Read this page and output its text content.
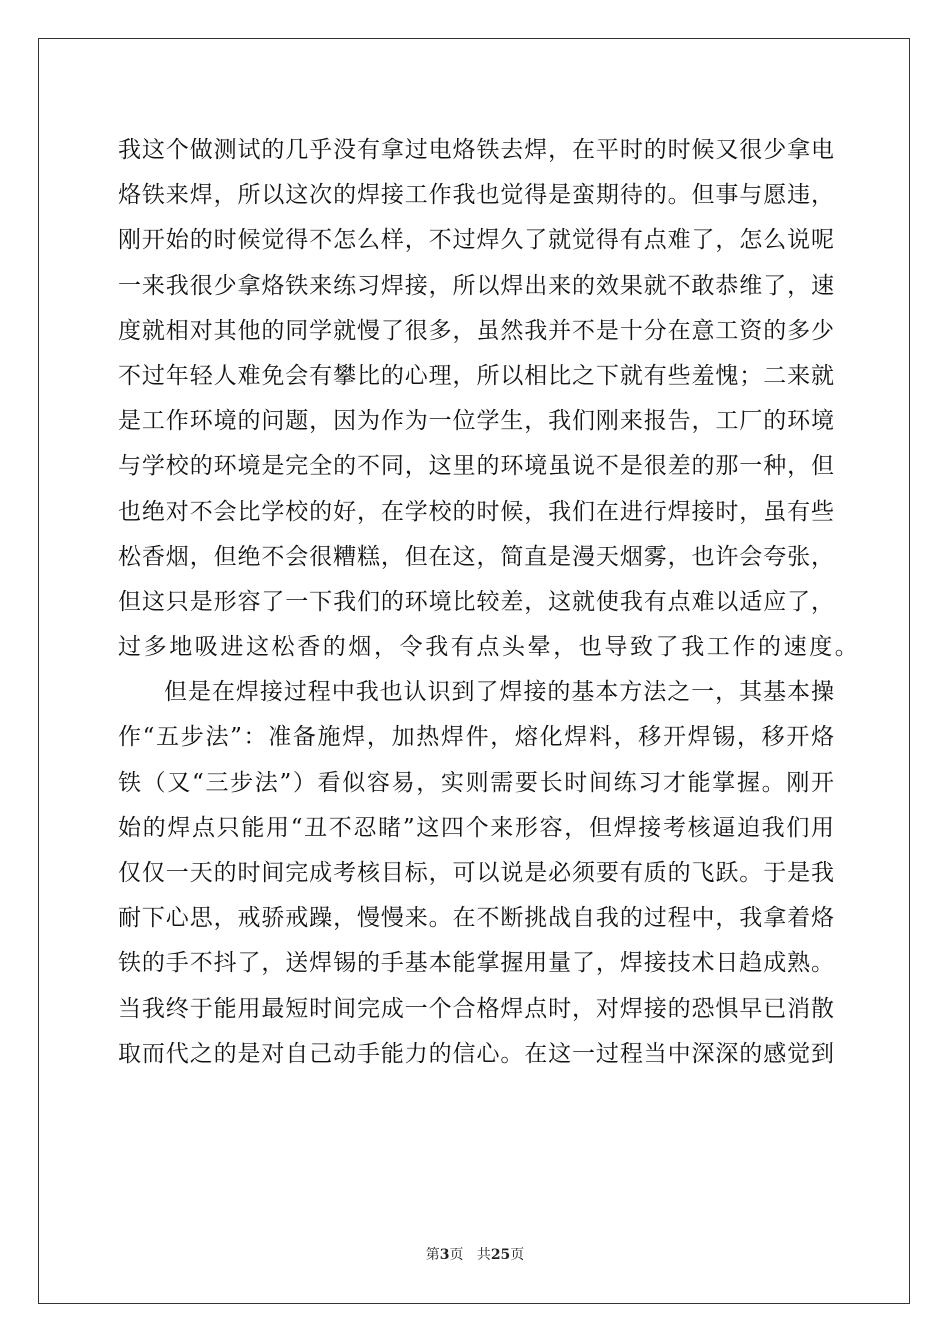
我这个做测试的几乎没有拿过电烙铁去焊，在平时的时候又很少拿电
烙铁来焊，所以这次的焊接工作我也觉得是蛮期待的。但事与愿违，
刚开始的时候觉得不怎么样，不过焊久了就觉得有点难了，怎么说呢
一来我很少拿烙铁来练习焊接，所以焊出来的效果就不敢恭维了，速
度就相对其他的同学就慢了很多，虽然我并不是十分在意工资的多少
不过年轻人难免会有攀比的心理，所以相比之下就有些羞愧；二来就
是工作环境的问题，因为作为一位学生，我们刚来报告，工厂的环境
与学校的环境是完全的不同，这里的环境虽说不是很差的那一种，但
也绝对不会比学校的好，在学校的时候，我们在进行焊接时，虽有些
松香烟，但绝不会很糟糕，但在这，简直是漫天烟雾，也许会夸张，
但这只是形容了一下我们的环境比较差，这就使我有点难以适应了，
过多地吸进这松香的烟，令我有点头晕，也导致了我工作的速度。
但是在焊接过程中我也认识到了焊接的基本方法之一，其基本操
作“五步法”：准备施焊，加热焊件，熔化焊料，移开焊锡，移开烙
铁（又“三步法”）看似容易，实则需要长时间练习才能掌握。刚开
始的焊点只能用“丑不忍睹”这四个来形容，但焊接考核逼迫我们用
仅仅一天的时间完成考核目标，可以说是必须要有质的飞跃。于是我
耐下心思，戒骄戒躁，慢慢来。在不断挑战自我的过程中，我拿着烙
铁的手不抖了，送焊锡的手基本能掌握用量了，焊接技术日趋成熟。
当我终于能用最短时间完成一个合格焊点时，对焊接的恐惧早已消散
取而代之的是对自己动手能力的信心。在这一过程当中深深的感觉到
第3页 共25页
